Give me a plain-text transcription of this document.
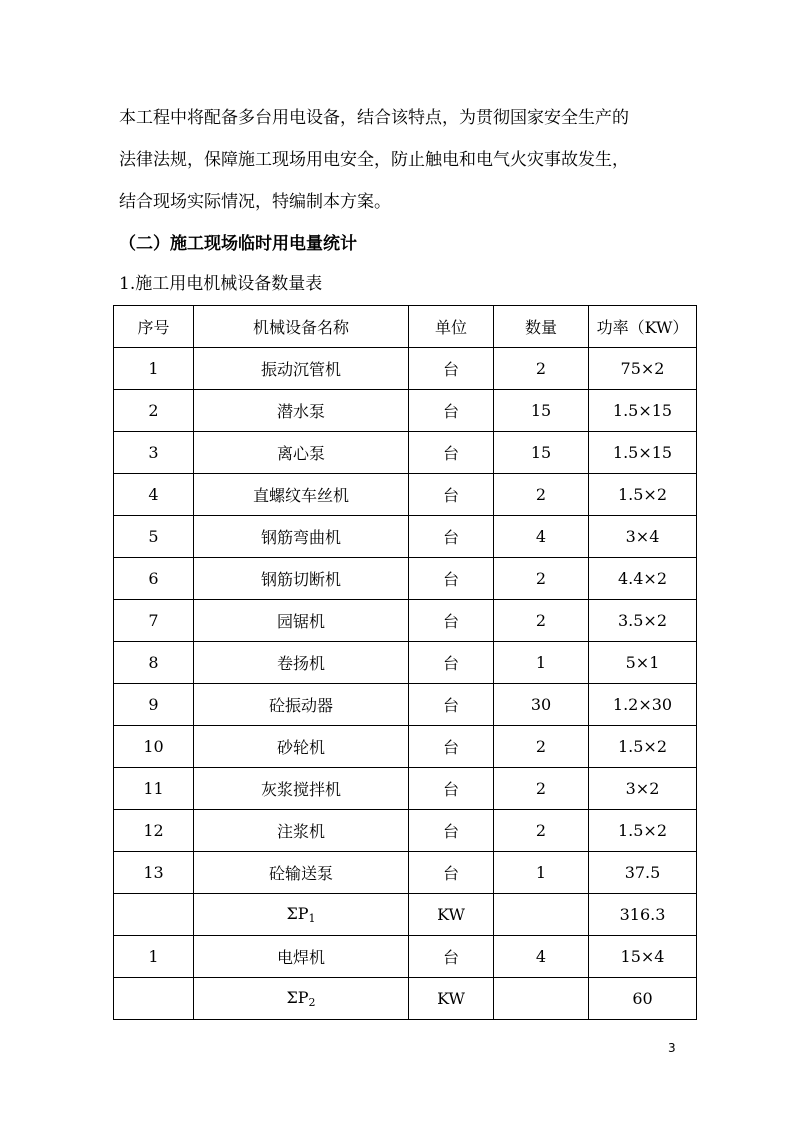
本工程中将配备多台用电设备，结合该特点，为贯彻国家安全生产的
法律法规，保障施工现场用电安全，防止触电和电气火灾事故发生，
结合现场实际情况，特编制本方案。
（二）施工现场临时用电量统计
1.施工用电机械设备数量表
序号	机械设备名称	单位	数量	功率（KW）
1	振动沉管机	台	2	75×2
2	潜水泵	台	15	1.5×15
3	离心泵	台	15	1.5×15
4	直螺纹车丝机	台	2	1.5×2
5	钢筋弯曲机	台	4	3×4
6	钢筋切断机	台	2	4.4×2
7	园锯机	台	2	3.5×2
8	卷扬机	台	1	5×1
9	砼振动器	台	30	1.2×30
10	砂轮机	台	2	1.5×2
11	灰浆搅拌机	台	2	3×2
12	注浆机	台	2	1.5×2
13	砼输送泵	台	1	37.5
	$\Sigma P_1$	KW		316.3
1	电焊机	台	4	15×4
	$\Sigma P_2$	KW		60
3
